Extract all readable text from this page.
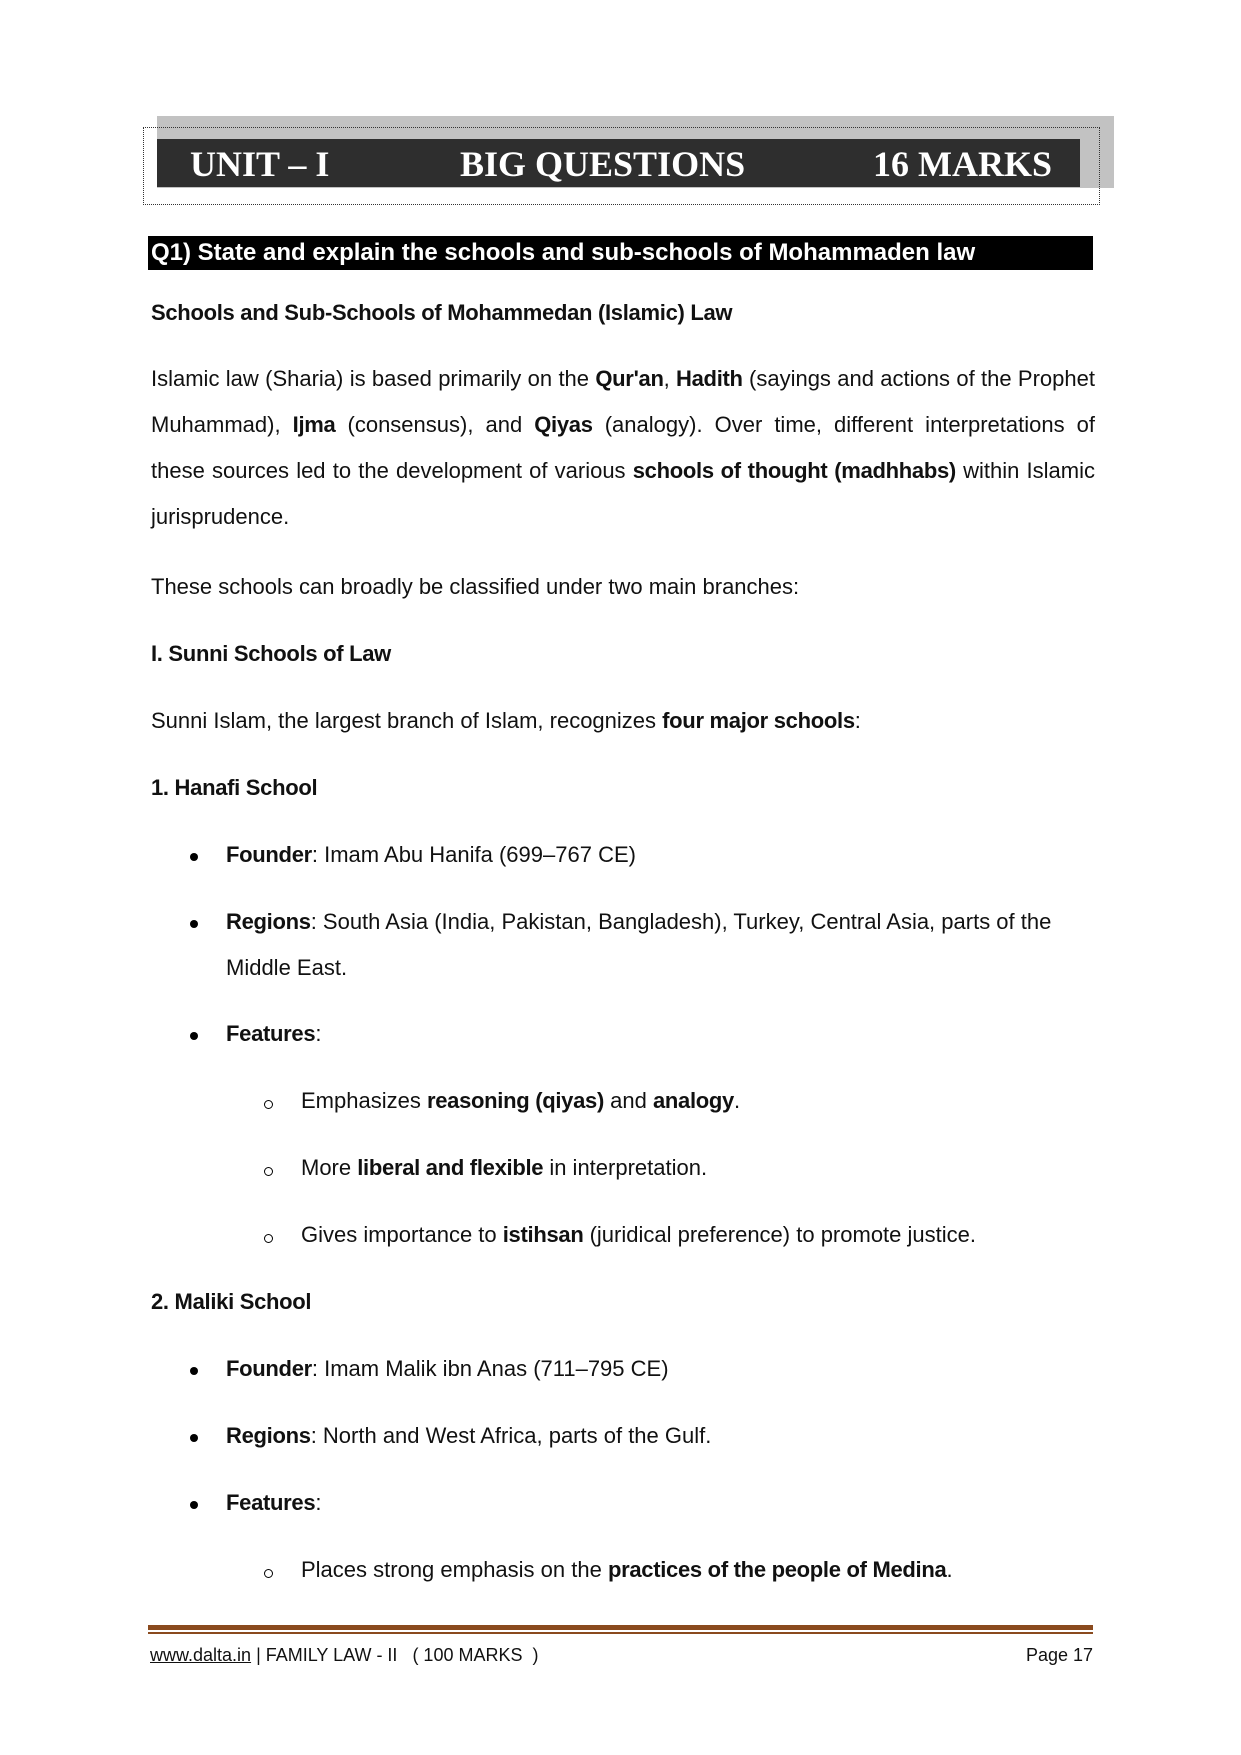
UNIT – I	BIG QUESTIONS	16 MARKS
Q1) State and explain the schools and sub-schools of Mohammaden law
Schools and Sub-Schools of Mohammedan (Islamic) Law
Islamic law (Sharia) is based primarily on the Qur'an, Hadith (sayings and actions of the Prophet Muhammad), Ijma (consensus), and Qiyas (analogy). Over time, different interpretations of these sources led to the development of various schools of thought (madhhabs) within Islamic jurisprudence.
These schools can broadly be classified under two main branches:
I. Sunni Schools of Law
Sunni Islam, the largest branch of Islam, recognizes four major schools:
1. Hanafi School
Founder: Imam Abu Hanifa (699–767 CE)
Regions: South Asia (India, Pakistan, Bangladesh), Turkey, Central Asia, parts of the
Middle East.
Features:
Emphasizes reasoning (qiyas) and analogy.
More liberal and flexible in interpretation.
Gives importance to istihsan (juridical preference) to promote justice.
2. Maliki School
Founder: Imam Malik ibn Anas (711–795 CE)
Regions: North and West Africa, parts of the Gulf.
Features:
Places strong emphasis on the practices of the people of Medina.
www.dalta.in | FAMILY LAW - II   ( 100 MARKS  )	Page 17
